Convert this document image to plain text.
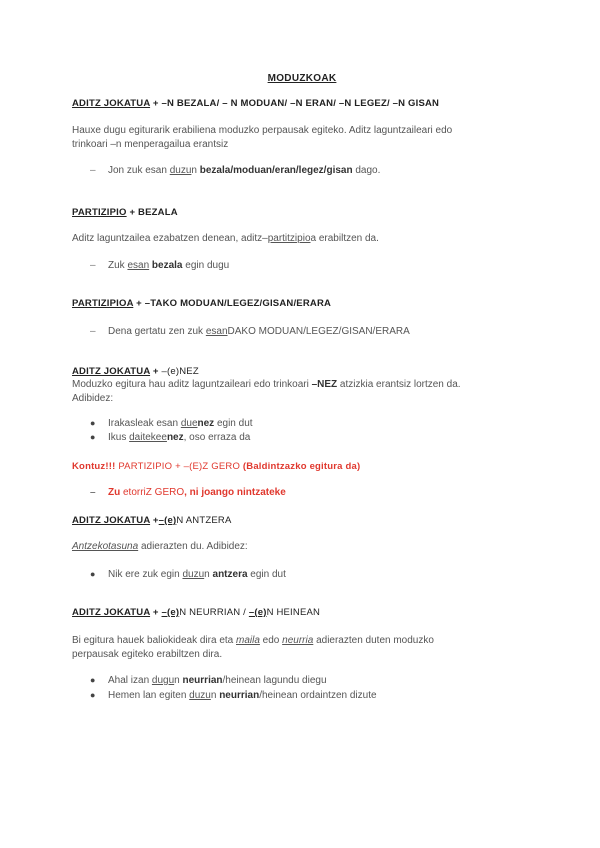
MODUZKOAK
ADITZ JOKATUA + –N BEZALA/ – N MODUAN/ –N ERAN/ –N LEGEZ/ –N GISAN
Hauxe dugu egiturarik erabiliena moduzko perpausak egiteko. Aditz laguntzaileari edo
trinkoari –n menperagailua erantsiz
– Jon zuk esan duzun bezala/moduan/eran/legez/gisan dago.
PARTIZIPIO + BEZALA
Aditz laguntzailea ezabatzen denean, aditz–partitzipioa erabiltzen da.
– Zuk esan bezala egin dugu
PARTIZIPIOA + –TAKO MODUAN/LEGEZ/GISAN/ERARA
– Dena gertatu zen zuk esanDAKO MODUAN/LEGEZ/GISAN/ERARA
ADITZ JOKATUA + –(e)NEZ
Moduzko egitura hau aditz laguntzaileari edo trinkoari –NEZ atzizkia erantsiz lortzen da.
Adibidez:
● Irakasleak esan duenez egin dut
● Ikus daitekeenez, oso erraza da
Kontuz!!! PARTIZIPIO + –(E)Z GERO (Baldintzazko egitura da)
– Zu etorriZ GERO, ni joango nintzateke
ADITZ JOKATUA +–(e)N ANTZERA
Antzekotasuna adierazten du. Adibidez:
● Nik ere zuk egin duzun antzera egin dut
ADITZ JOKATUA + –(e)N NEURRIAN / –(e)N HEINEAN
Bi egitura hauek baliokideak dira eta maila edo neurria adierazten duten moduzko
perpausak egiteko erabiltzen dira.
● Ahal izan dugun neurrian/heinean lagundu diegu
● Hemen lan egiten duzun neurrian/heinean ordaintzen dizute
